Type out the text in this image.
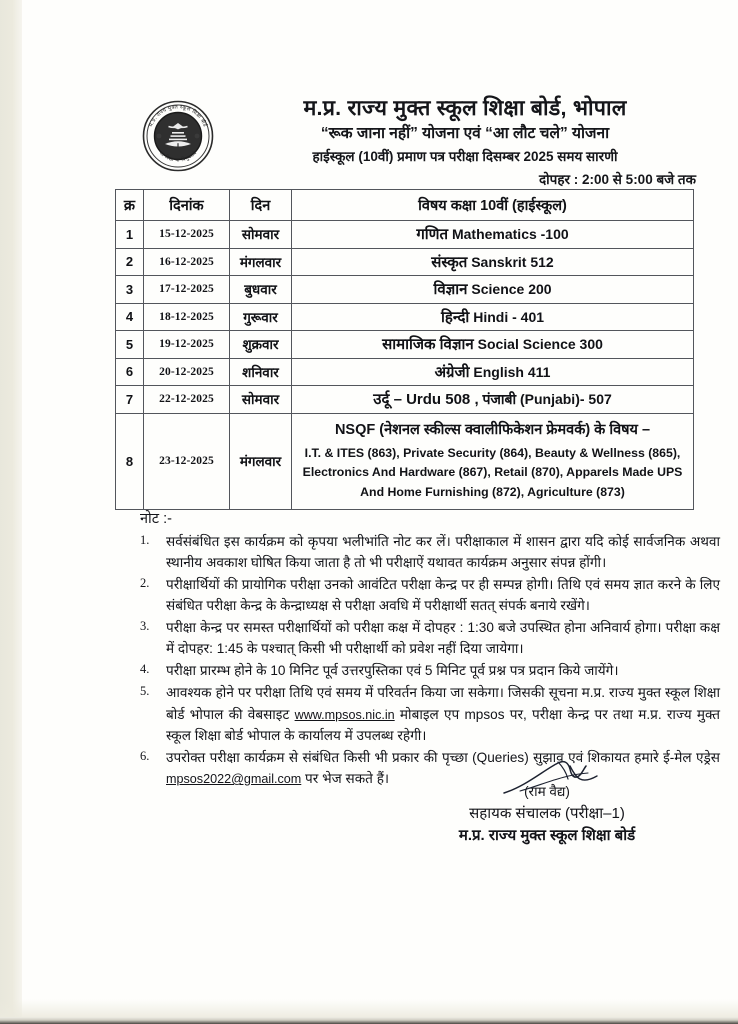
म.प्र. राज्य मुक्त स्कूल शिक्षा बोर्ड
सा विद्या या विमुक्तये
म.प्र. राज्य मुक्त स्कूल शिक्षा बोर्ड, भोपाल
“रूक जाना नहीं” योजना एवं “आ लौट चले” योजना
हाईस्कूल (10वीं) प्रमाण पत्र परीक्षा दिसम्बर 2025 समय सारणी
दोपहर : 2:00 से 5:00 बजे तक
क्र	दिनांक	दिन	विषय कक्षा 10वीं (हाईस्कूल)
1	15-12-2025	सोमवार	गणित Mathematics -100
2	16-12-2025	मंगलवार	संस्कृत Sanskrit 512
3	17-12-2025	बुधवार	विज्ञान Science 200
4	18-12-2025	गुरूवार	हिन्दी Hindi - 401
5	19-12-2025	शुक्रवार	सामाजिक विज्ञान Social Science 300
6	20-12-2025	शनिवार	अंग्रेजी English 411
7	22-12-2025	सोमवार	उर्दू – Urdu 508 , पंजाबी (Punjabi)- 507
8	23-12-2025	मंगलवार	NSQF (नेशनल स्कील्स क्वालीफिकेशन फ्रेमवर्क) के विषय –
I.T. & ITES (863), Private Security (864), Beauty & Wellness (865),
Electronics And Hardware (867), Retail (870), Apparels Made UPS
And Home Furnishing (872), Agriculture (873)
नोट :-
1.	सर्वसंबंधित इस कार्यक्रम को कृपया भलीभांति नोट कर लें। परीक्षाकाल में शासन द्वारा यदि कोई सार्वजनिक अथवा स्थानीय अवकाश घोषित किया जाता है तो भी परीक्षाऐं यथावत कार्यक्रम अनुसार संपन्न होंगी।
2.	परीक्षार्थियों की प्रायोगिक परीक्षा उनको आवंटित परीक्षा केन्द्र पर ही सम्पन्न होगी। तिथि एवं समय ज्ञात करने के लिए संबंधित परीक्षा केन्द्र के केन्द्राध्यक्ष से परीक्षा अवधि में परीक्षार्थी सतत् संपर्क बनाये रखेंगे।
3.	परीक्षा केन्द्र पर समस्त परीक्षार्थियों को परीक्षा कक्ष में दोपहर : 1:30 बजे उपस्थित होना अनिवार्य होगा। परीक्षा कक्ष में दोपहर: 1:45 के पश्चात् किसी भी परीक्षार्थी को प्रवेश नहीं दिया जायेगा।
4.	परीक्षा प्रारम्भ होने के 10 मिनिट पूर्व उत्तरपुस्तिका एवं 5 मिनिट पूर्व प्रश्न पत्र प्रदान किये जायेंगे।
5.	आवश्यक होने पर परीक्षा तिथि एवं समय में परिवर्तन किया जा सकेगा। जिसकी सूचना म.प्र. राज्य मुक्त स्कूल शिक्षा बोर्ड भोपाल की वेबसाइट www.mpsos.nic.in मोबाइल एप mpsos पर, परीक्षा केन्द्र पर तथा म.प्र. राज्य मुक्त स्कूल शिक्षा बोर्ड भोपाल के कार्यालय में उपलब्ध रहेगी।
6.	उपरोक्त परीक्षा कार्यक्रम से संबंधित किसी भी प्रकार की पृच्छा (Queries) सुझाव एवं शिकायत हमारे ई-मेल एड्रेस mpsos2022@gmail.com पर भेज सकते हैं।
(राम वैद्य)
सहायक संचालक (परीक्षा–1)
म.प्र. राज्य मुक्त स्कूल शिक्षा बोर्ड
